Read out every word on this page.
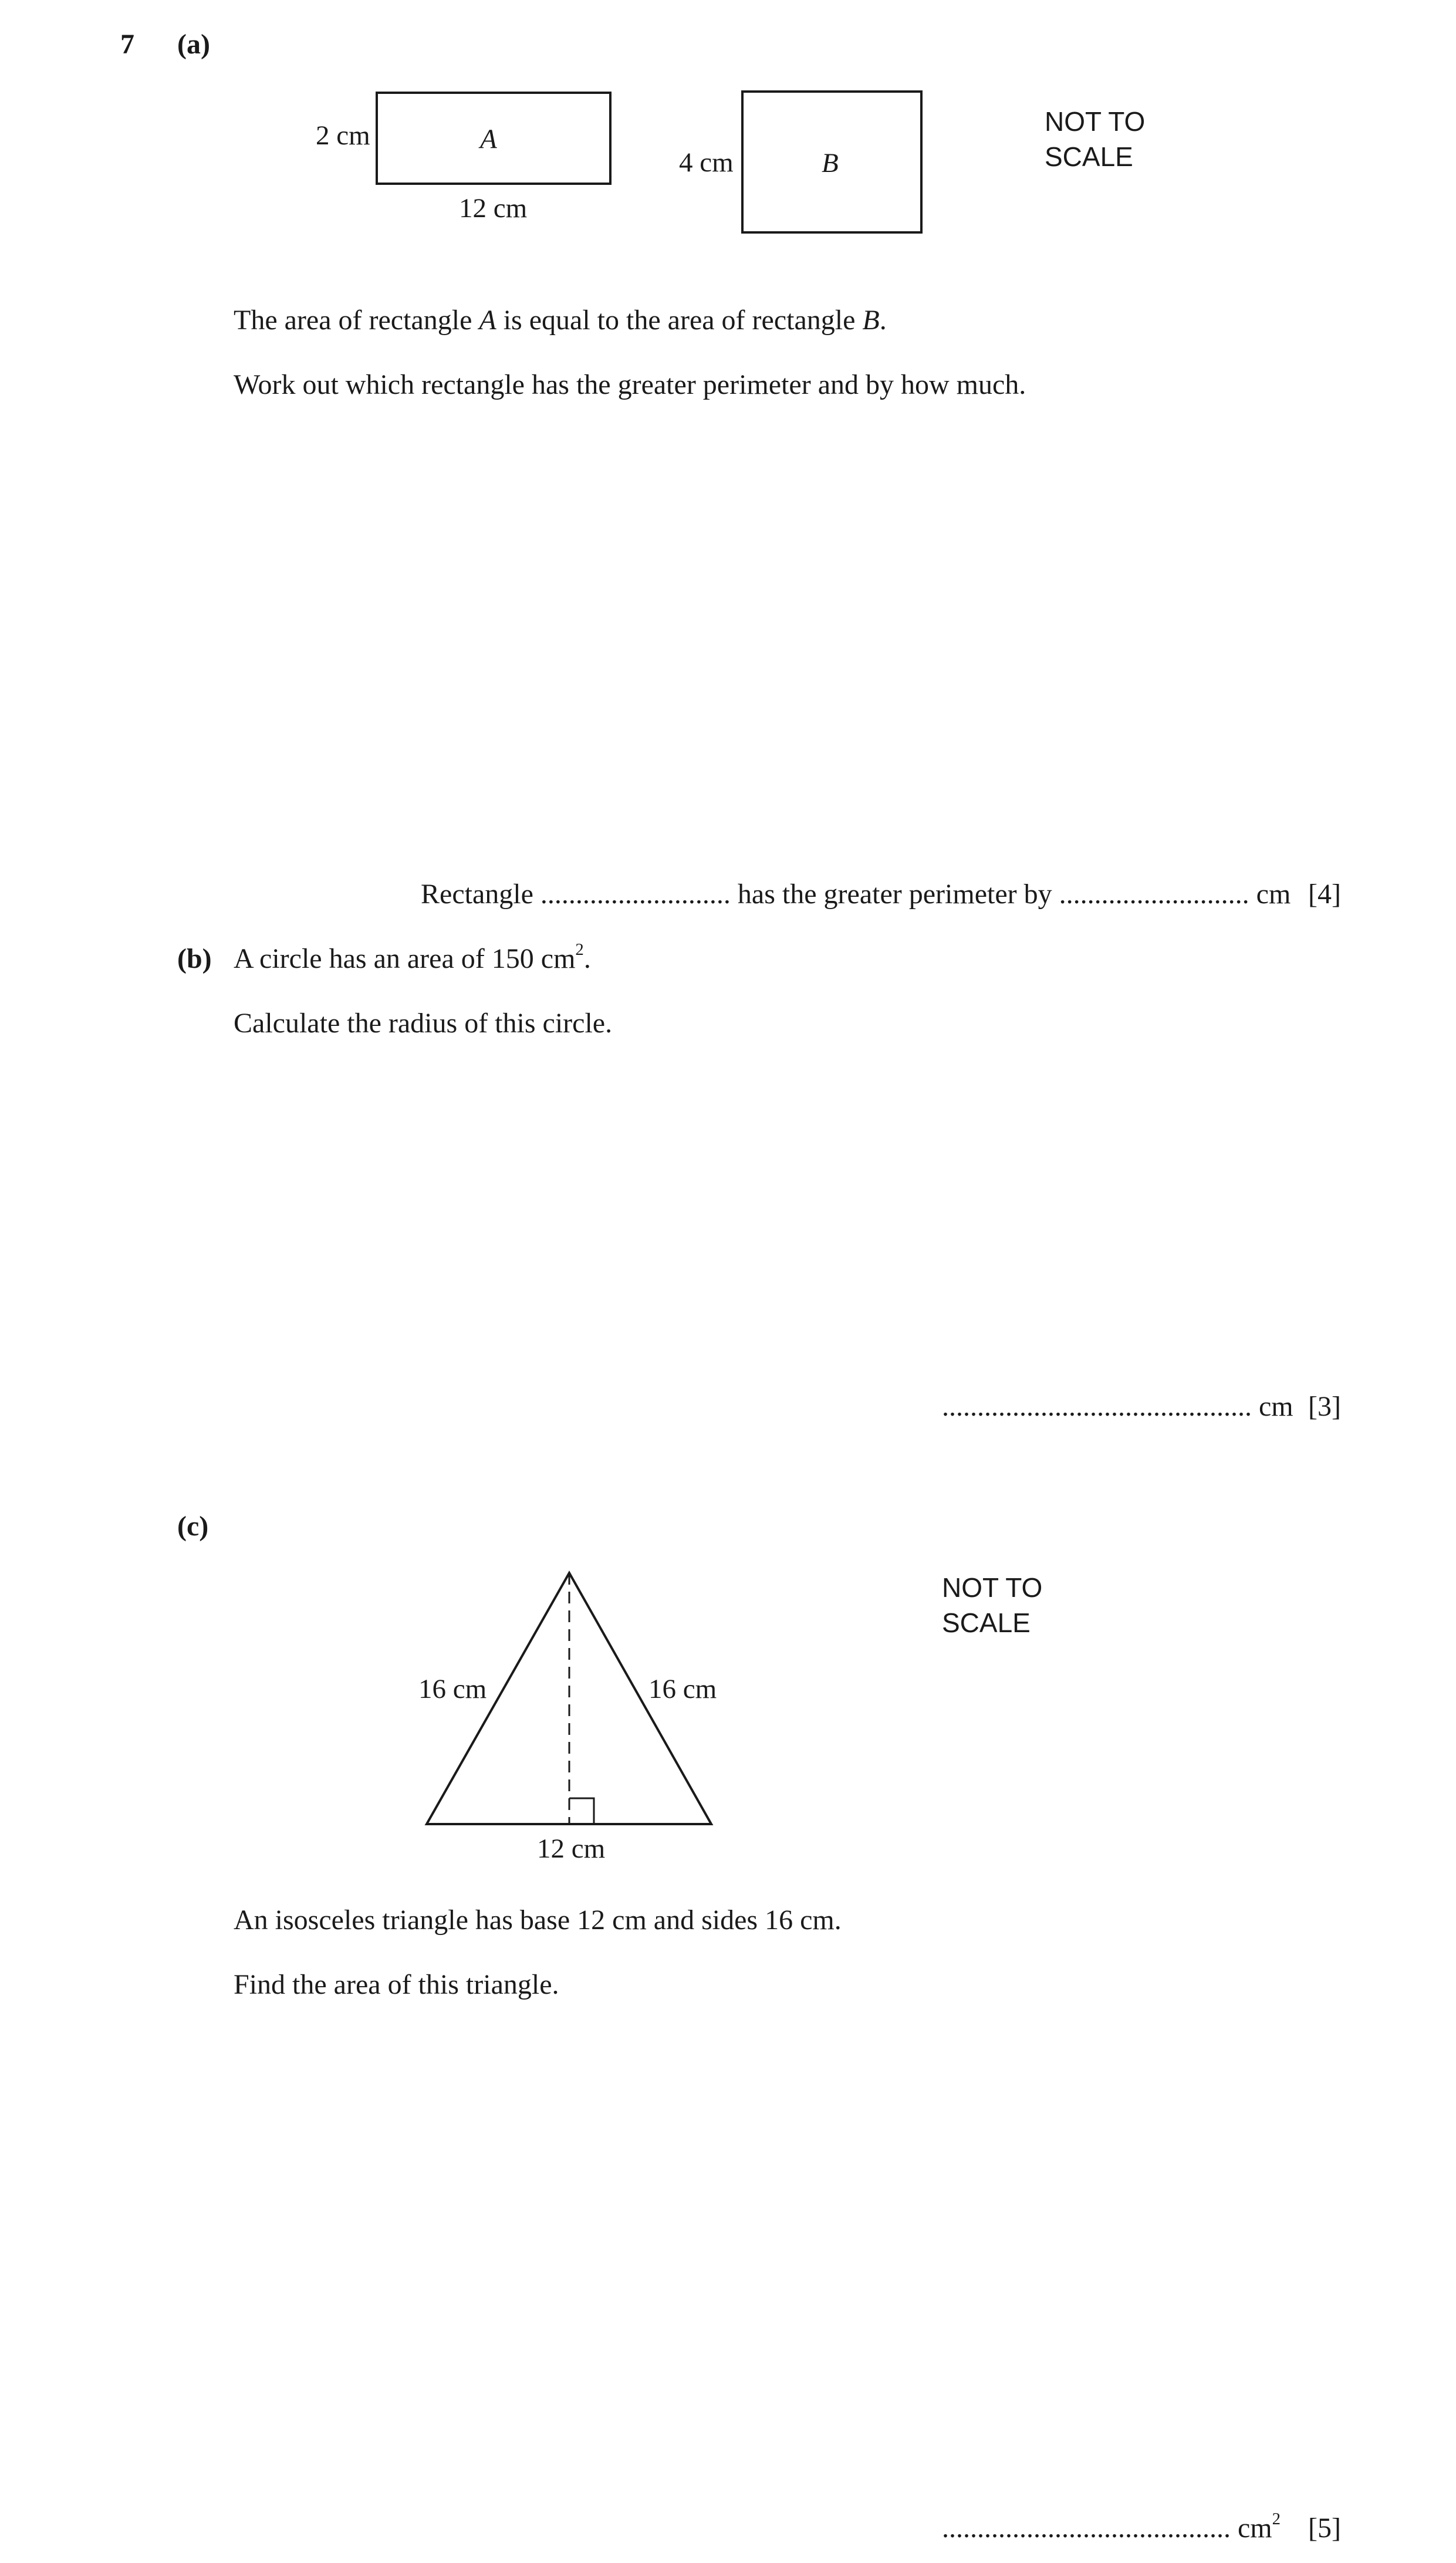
7 (a)
2 cm	A
12 cm
4 cm	B
NOT TO
SCALE
The area of rectangle A is equal to the area of rectangle B.
Work out which rectangle has the greater perimeter and by how much.
Rectangle ........................... has the greater perimeter by ........................... cm [4]
(b) A circle has an area of 150 $cm^2$.
Calculate the radius of this circle.
............................................ cm [3]
(c)
16 cm	16 cm
12 cm
NOT TO
SCALE
An isosceles triangle has base 12 cm and sides 16 cm.
Find the area of this triangle.
......................................... $cm^2$ [5]
